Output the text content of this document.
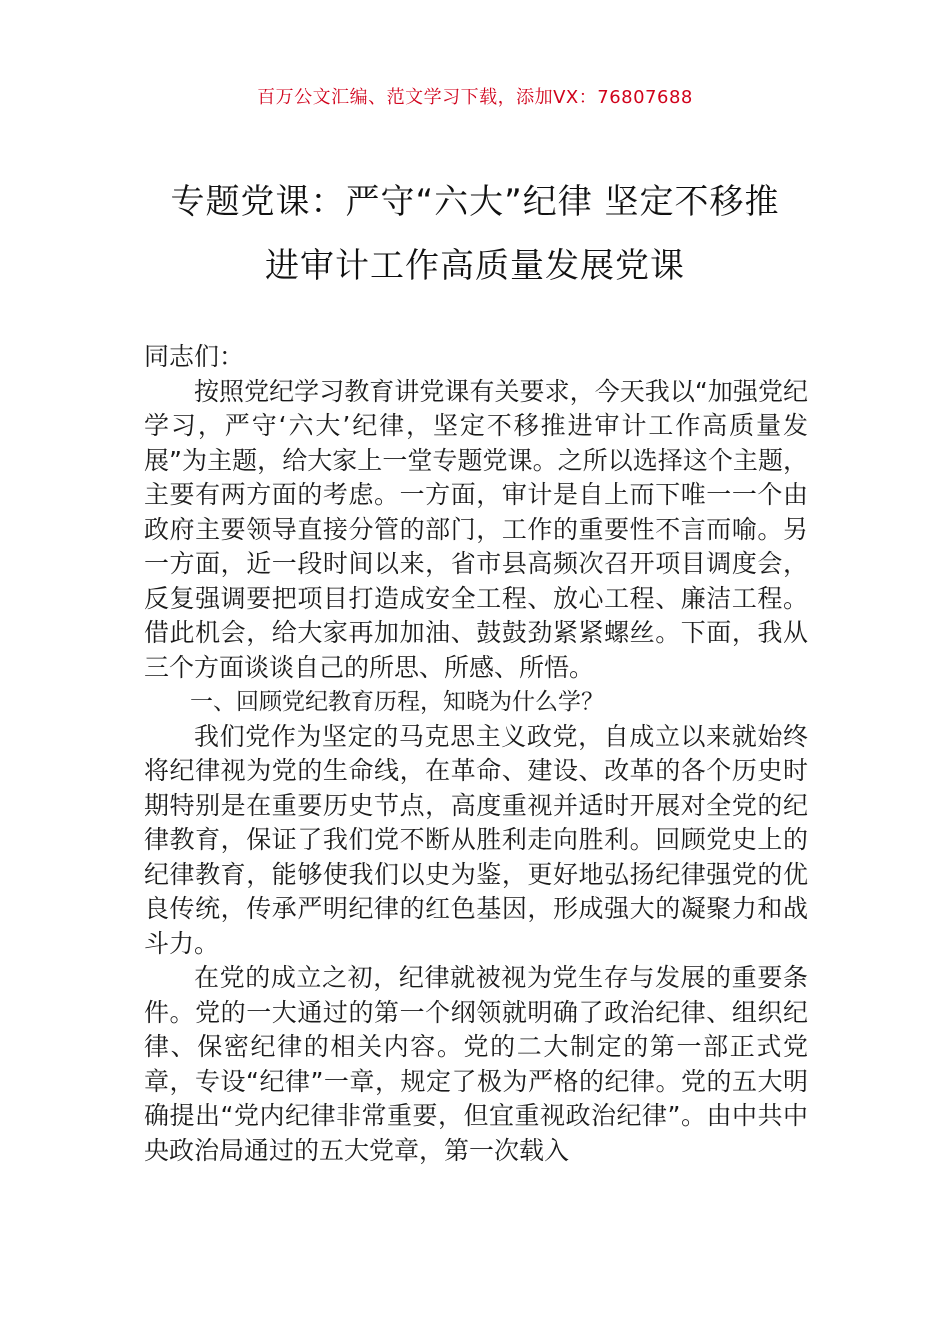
百万公文汇编、范文学习下载，添加VX：76807688
专题党课：严守“六大”纪律 坚定不移推
进审计工作高质量发展党课

同志们：

按照党纪学习教育讲党课有关要求，今天我以“加强党纪学习，严守‘六大’纪律，坚定不移推进审计工作高质量发展”为主题，给大家上一堂专题党课。之所以选择这个主题，主要有两方面的考虑。一方面，审计是自上而下唯一一个由政府主要领导直接分管的部门，工作的重要性不言而喻。另一方面，近一段时间以来，省市县高频次召开项目调度会，反复强调要把项目打造成安全工程、放心工程、廉洁工程。借此机会，给大家再加加油、鼓鼓劲紧紧螺丝。下面，我从三个方面谈谈自己的所思、所感、所悟。

一、回顾党纪教育历程，知晓为什么学？

我们党作为坚定的马克思主义政党，自成立以来就始终将纪律视为党的生命线，在革命、建设、改革的各个历史时期特别是在重要历史节点，高度重视并适时开展对全党的纪律教育，保证了我们党不断从胜利走向胜利。回顾党史上的纪律教育，能够使我们以史为鉴，更好地弘扬纪律强党的优良传统，传承严明纪律的红色基因，形成强大的凝聚力和战斗力。

在党的成立之初，纪律就被视为党生存与发展的重要条件。党的一大通过的第一个纲领就明确了政治纪律、组织纪律、保密纪律的相关内容。党的二大制定的第一部正式党章，专设“纪律”一章，规定了极为严格的纪律。党的五大明确提出“党内纪律非常重要，但宜重视政治纪律”。由中共中央政治局通过的五大党章，第一次载入
